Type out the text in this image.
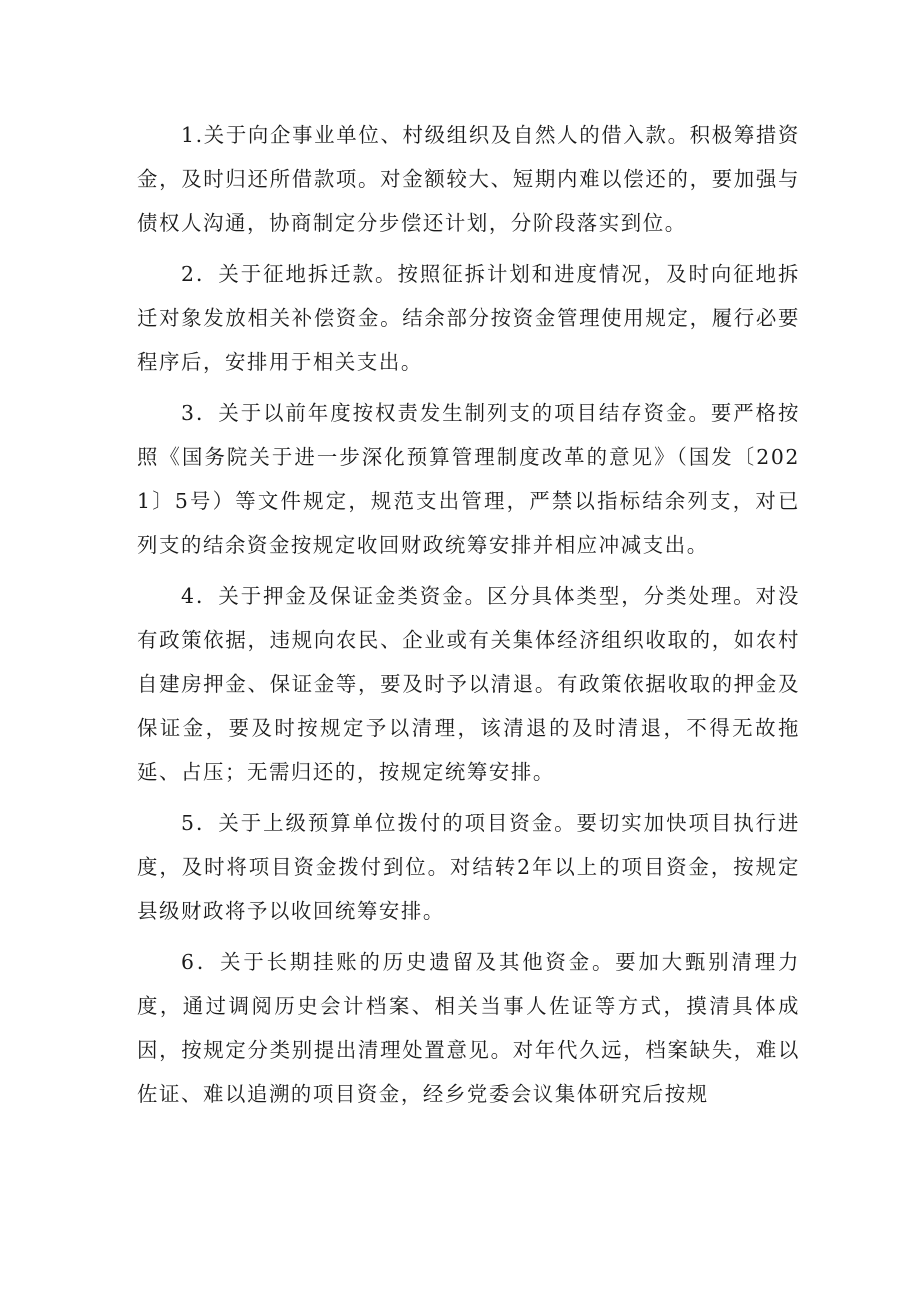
1.关于向企事业单位、村级组织及自然人的借入款。积极筹措资金，及时归还所借款项。对金额较大、短期内难以偿还的，要加强与债权人沟通，协商制定分步偿还计划，分阶段落实到位。

2．关于征地拆迁款。按照征拆计划和进度情况，及时向征地拆迁对象发放相关补偿资金。结余部分按资金管理使用规定，履行必要程序后，安排用于相关支出。

3．关于以前年度按权责发生制列支的项目结存资金。要严格按照《国务院关于进一步深化预算管理制度改革的意见》（国发〔2021〕5号）等文件规定，规范支出管理，严禁以指标结余列支，对已列支的结余资金按规定收回财政统筹安排并相应冲减支出。

4．关于押金及保证金类资金。区分具体类型，分类处理。对没有政策依据，违规向农民、企业或有关集体经济组织收取的，如农村自建房押金、保证金等，要及时予以清退。有政策依据收取的押金及保证金，要及时按规定予以清理，该清退的及时清退，不得无故拖延、占压；无需归还的，按规定统筹安排。

5．关于上级预算单位拨付的项目资金。要切实加快项目执行进度，及时将项目资金拨付到位。对结转2年以上的项目资金，按规定县级财政将予以收回统筹安排。

6．关于长期挂账的历史遗留及其他资金。要加大甄别清理力度，通过调阅历史会计档案、相关当事人佐证等方式，摸清具体成因，按规定分类别提出清理处置意见。对年代久远，档案缺失，难以佐证、难以追溯的项目资金，经乡党委会议集体研究后按规
